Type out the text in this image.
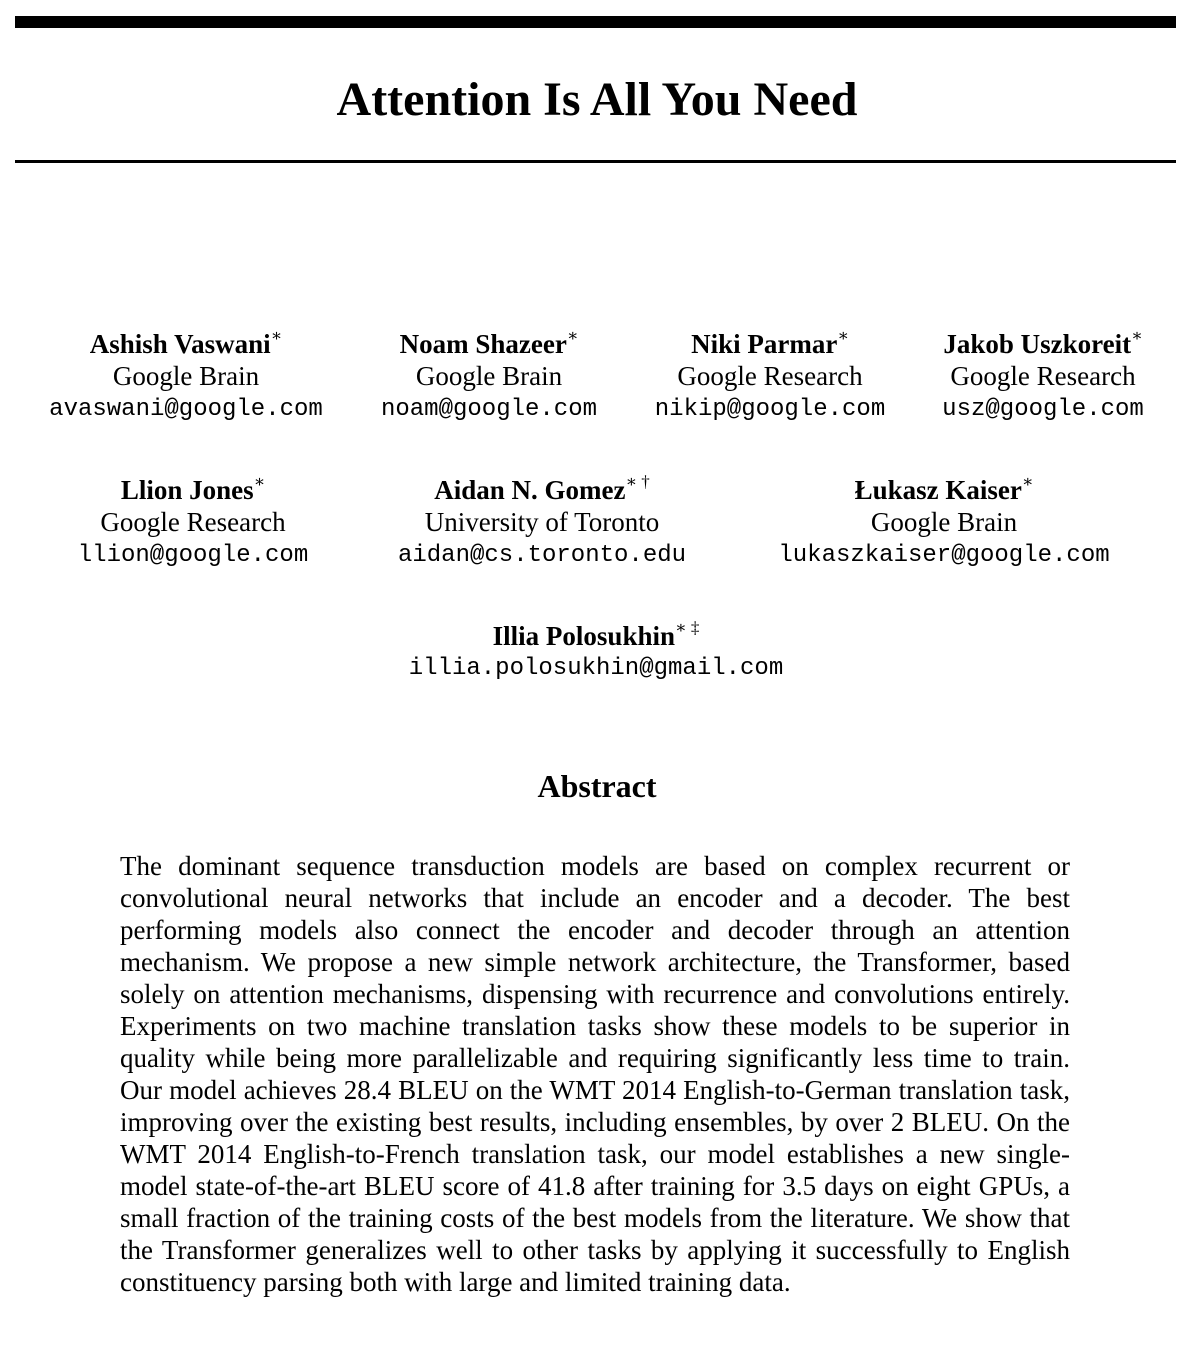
Attention Is All You Need
Ashish Vaswani∗
Google Brain
avaswani@google.com
Noam Shazeer∗
Google Brain
noam@google.com
Niki Parmar∗
Google Research
nikip@google.com
Jakob Uszkoreit∗
Google Research
usz@google.com
Llion Jones∗
Google Research
llion@google.com
Aidan N. Gomez∗ †
University of Toronto
aidan@cs.toronto.edu
Łukasz Kaiser∗
Google Brain
lukaszkaiser@google.com
Illia Polosukhin∗ ‡
illia.polosukhin@gmail.com
Abstract

The dominant sequence transduction models are based on complex recurrent or convolutional neural networks that include an encoder and a decoder. The best performing models also connect the encoder and decoder through an attention mechanism. We propose a new simple network architecture, the Transformer, based solely on attention mechanisms, dispensing with recurrence and convolutions entirely. Experiments on two machine translation tasks show these models to be superior in quality while being more parallelizable and requiring significantly less time to train. Our model achieves 28.4 BLEU on the WMT 2014 English-to-German translation task, improving over the existing best results, including ensembles, by over 2 BLEU. On the WMT 2014 English-to-French translation task, our model establishes a new single-model state-of-the-art BLEU score of 41.8 after training for 3.5 days on eight GPUs, a small fraction of the training costs of the best models from the literature. We show that the Transformer generalizes well to other tasks by applying it successfully to English constituency parsing both with large and limited training data.
